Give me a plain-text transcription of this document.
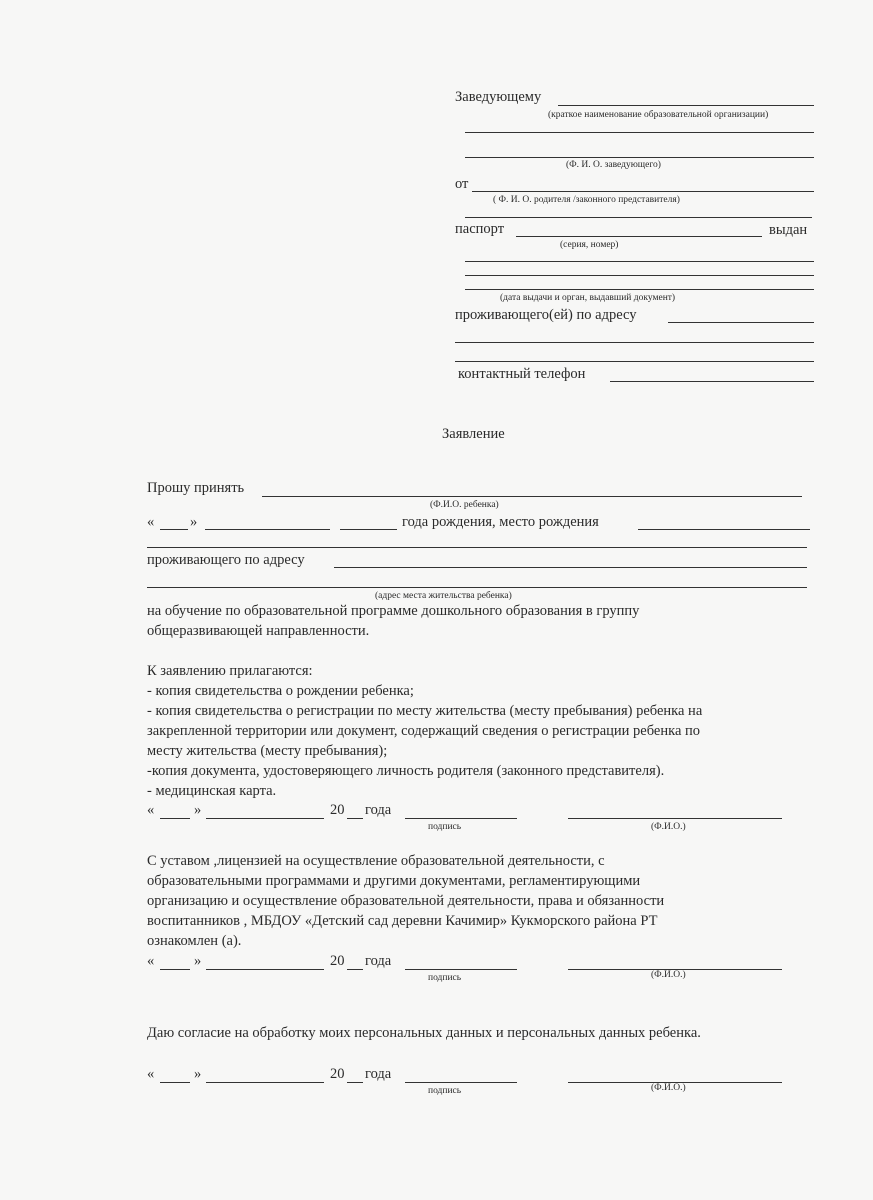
Заведующему
(краткое наименование образовательной организации)
(Ф. И. О. заведующего)
от
( Ф. И. О. родителя /законного представителя)
паспорт	выдан
(серия, номер)
(дата выдачи и орган, выдавший документ)
проживающего(ей) по адресу
контактный телефон
Заявление
Прошу принять
(Ф.И.О. ребенка)
« »	года рождения, место рождения
проживающего по адресу
(адрес места жительства ребенка)
на обучение по образовательной программе дошкольного образования в группу
общеразвивающей направленности.
К заявлению прилагаются:
- копия свидетельства о рождении ребенка;
- копия свидетельства о регистрации по месту жительства (месту пребывания) ребенка на
закрепленной территории или документ, содержащий сведения о регистрации ребенка по
месту жительства (месту пребывания);
-копия документа, удостоверяющего личность родителя (законного представителя).
- медицинская карта.
«	»	20 года
подпись	(Ф.И.О.)
С уставом ,лицензией на осуществление образовательной деятельности, с
образовательными программами и другими документами, регламентирующими
организацию и осуществление образовательной деятельности, права и обязанности
воспитанников , МБДОУ «Детский сад деревни Качимир» Кукморского района РТ
ознакомлен (а).
«	»	20 года
подпись	(Ф.И.О.)
Даю согласие на обработку моих персональных данных и персональных данных ребенка.
«	»	20 года
подпись	(Ф.И.О.)
